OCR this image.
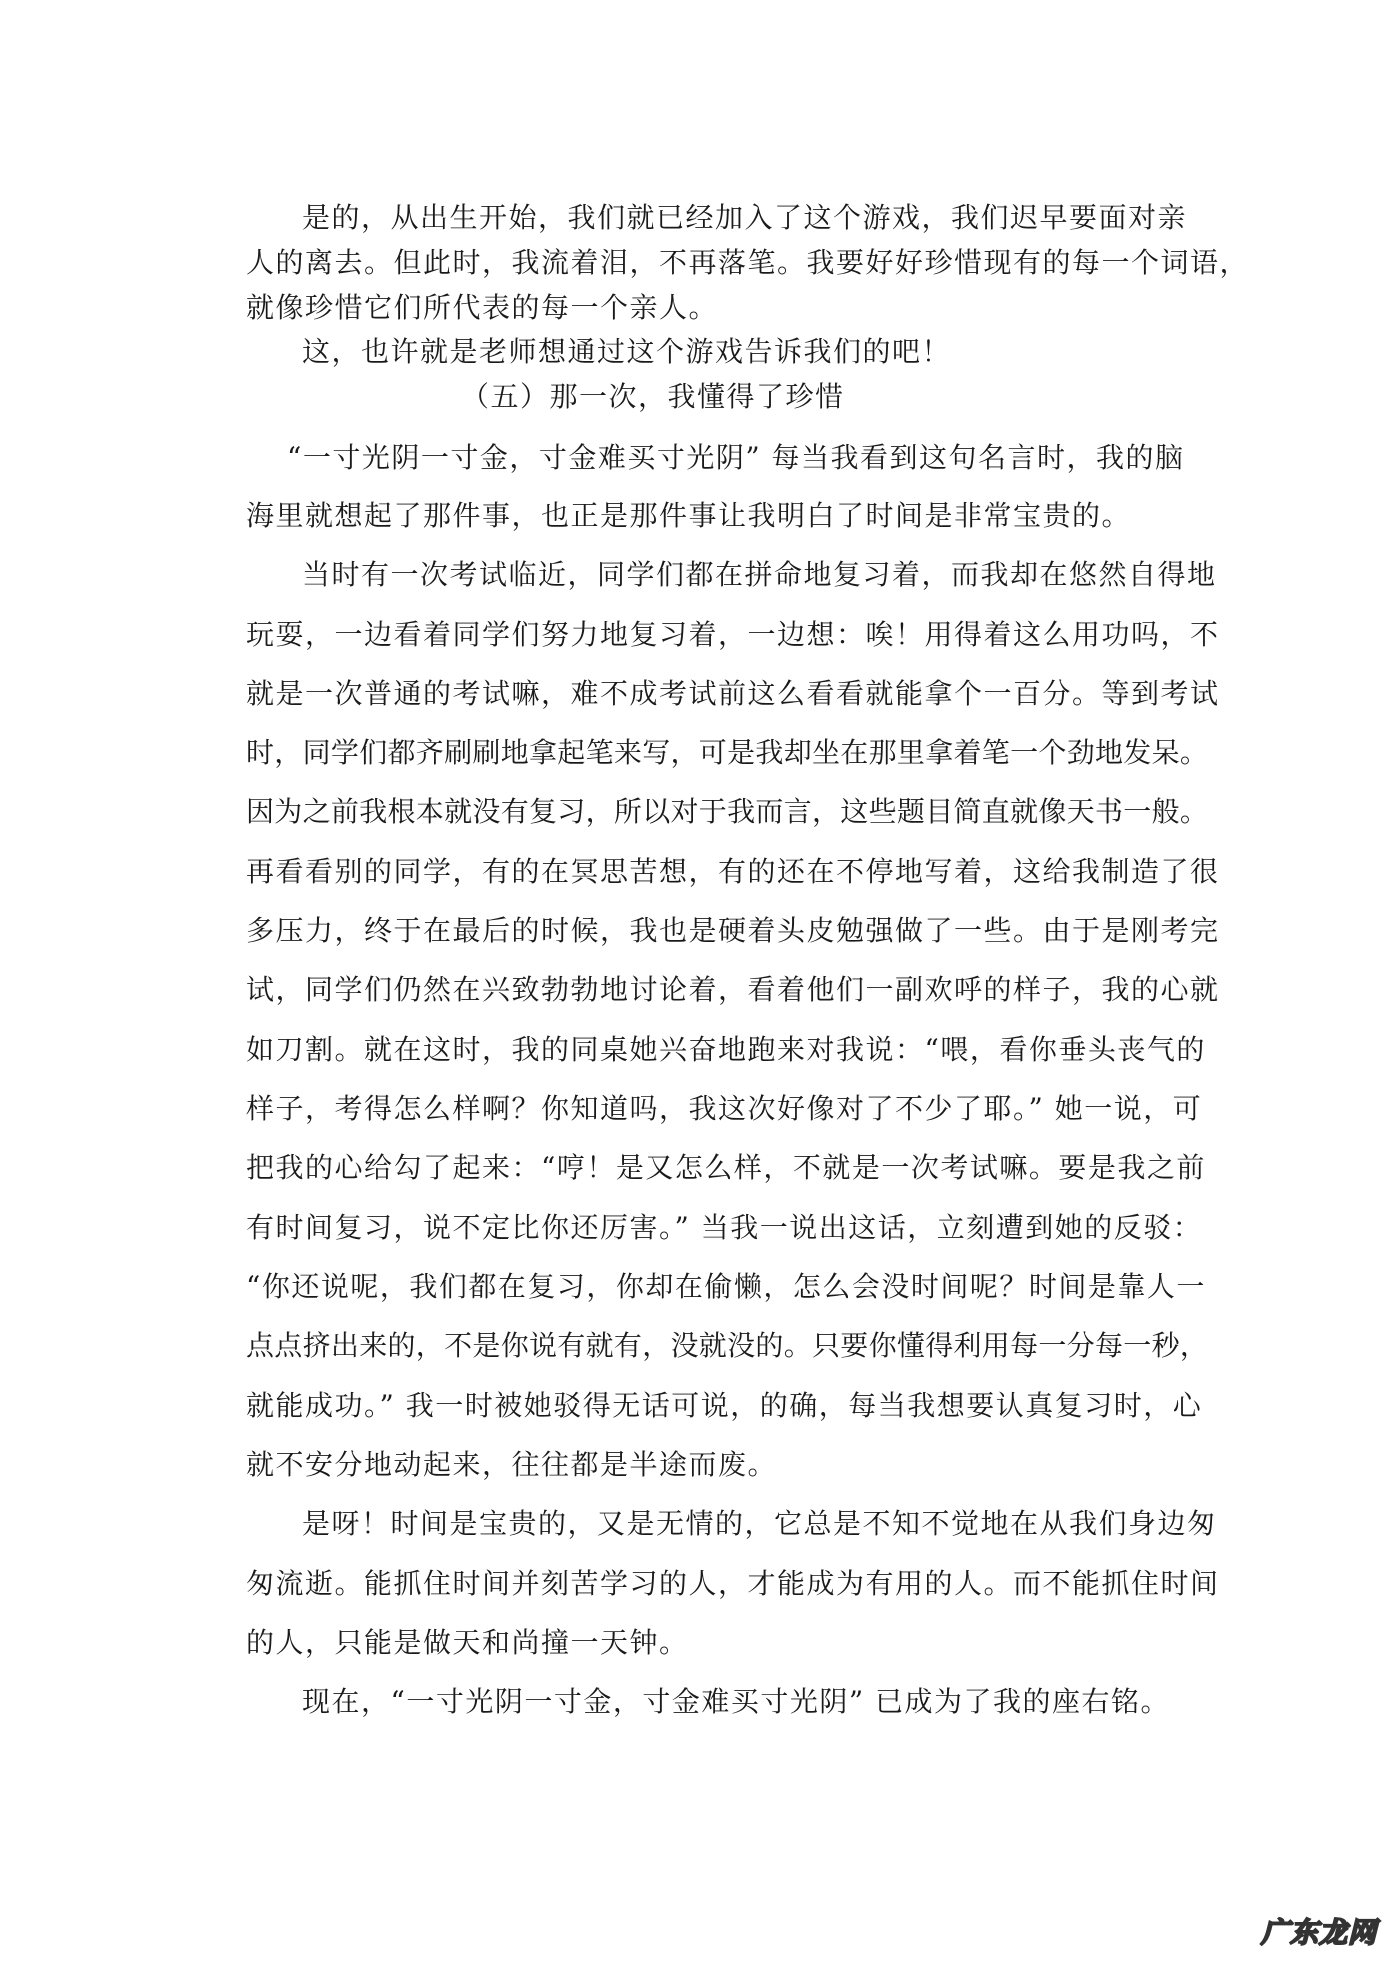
是的，从出生开始，我们就已经加入了这个游戏，我们迟早要面对亲
人的离去。但此时，我流着泪，不再落笔。我要好好珍惜现有的每一个词语，
就像珍惜它们所代表的每一个亲人。
这，也许就是老师想通过这个游戏告诉我们的吧！
（五）那一次，我懂得了珍惜
“一寸光阴一寸金，寸金难买寸光阴” 每当我看到这句名言时，我的脑
海里就想起了那件事，也正是那件事让我明白了时间是非常宝贵的。
当时有一次考试临近，同学们都在拼命地复习着，而我却在悠然自得地
玩耍，一边看着同学们努力地复习着，一边想：唉！用得着这么用功吗，不
就是一次普通的考试嘛，难不成考试前这么看看就能拿个一百分。等到考试
时，同学们都齐刷刷地拿起笔来写，可是我却坐在那里拿着笔一个劲地发呆。
因为之前我根本就没有复习，所以对于我而言，这些题目简直就像天书一般。
再看看别的同学，有的在冥思苦想，有的还在不停地写着，这给我制造了很
多压力，终于在最后的时候，我也是硬着头皮勉强做了一些。由于是刚考完
试，同学们仍然在兴致勃勃地讨论着，看着他们一副欢呼的样子，我的心就
如刀割。就在这时，我的同桌她兴奋地跑来对我说：“喂，看你垂头丧气的
样子，考得怎么样啊？你知道吗，我这次好像对了不少了耶。” 她一说，可
把我的心给勾了起来：“哼！是又怎么样，不就是一次考试嘛。要是我之前
有时间复习，说不定比你还厉害。” 当我一说出这话，立刻遭到她的反驳：
“你还说呢，我们都在复习，你却在偷懒，怎么会没时间呢？时间是靠人一
点点挤出来的，不是你说有就有，没就没的。只要你懂得利用每一分每一秒，
就能成功。” 我一时被她驳得无话可说，的确，每当我想要认真复习时，心
就不安分地动起来，往往都是半途而废。
是呀！时间是宝贵的，又是无情的，它总是不知不觉地在从我们身边匆
匆流逝。能抓住时间并刻苦学习的人，才能成为有用的人。而不能抓住时间
的人，只能是做天和尚撞一天钟。
现在，“一寸光阴一寸金，寸金难买寸光阴” 已成为了我的座右铭。
广东龙网
